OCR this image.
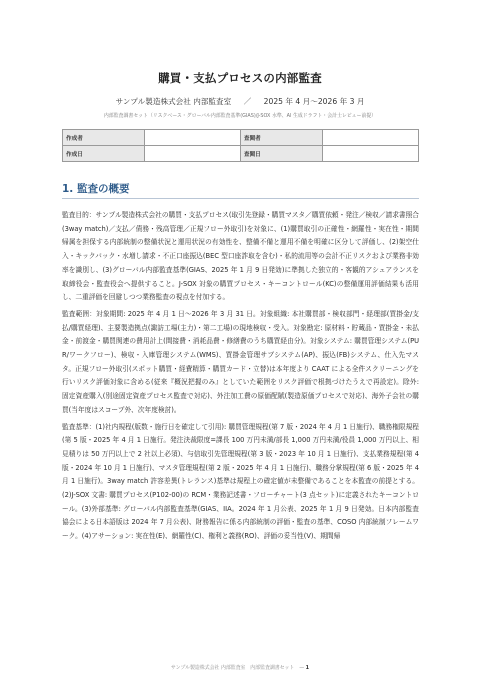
購買・支払プロセスの内部監査
サンプル製造株式会社 内部監査室 ／ 2025 年 4 月〜2026 年 3 月
内部監査調書セット（リスクベース・グローバル内部監査基準(GIAS)/J-SOX 水準、AI 生成ドラフト・会計士レビュー前提）
作成者		査閲者	
作成日		査閲日	
1. 監査の概要

監査目的：サンプル製造株式会社の購買・支払プロセス(取引先登録・購買マスタ／購買依頼・発注／検収／請求書照合(3way match)／支払／債務・残高管理／正規フロー外取引)を対象に、(1)購買取引の正確性・網羅性・実在性・期間帰属を担保する内部統制の整備状況と運用状況の有効性を、整備不備と運用不備を明確に区分して評価し、(2)架空仕入・キックバック・水増し請求・不正口座振込(BEC 型口座詐取を含む)・私的流用等の会計不正リスクおよび業務非効率を識別し、(3)グローバル内部監査基準(GIAS、2025 年 1 月 9 日発効)に準拠した独立的・客観的アシュアランスを取締役会・監査役会へ提供すること。J-SOX 対象の購買プロセス・キーコントロール(KC)の整備運用評価結果も活用し、二重評価を回避しつつ業務監査の視点を付加する。

監査範囲：対象期間: 2025 年 4 月 1 日〜2026 年 3 月 31 日。対象組織: 本社購買部・検収部門・経理部(買掛金/支払/購買経理)、主要製造拠点(諏訪工場(主力)・第二工場)の現地検収・受入。対象勘定: 原材料・貯蔵品・買掛金・未払金・前渡金・購買関連の費用計上(間接費・消耗品費・修繕費のうち購買経由分)。対象システム: 購買管理システム(PUR/ワークフロー)、検収・入庫管理システム(WMS)、買掛金管理サブシステム(AP)、振込(FB)システム、仕入先マスタ。正規フロー外取引(スポット購買・経費精算・購買カード・立替)は本年度より CAAT による全件スクリーニングを行いリスク評価対象に含める(従来『概況把握のみ』としていた範囲をリスク評価で根拠づけたうえで再設定)。除外: 固定資産購入(別途固定資産プロセス監査で対応)、外注加工費の原価配賦(製造原価プロセスで対応)、海外子会社の購買(当年度はスコープ外、次年度検討)。

監査基準：(1)社内規程(版数・施行日を確定して引用): 購買管理規程(第 7 版・2024 年 4 月 1 日施行)、職務権限規程(第 5 版・2025 年 4 月 1 日施行。発注決裁限度=課長 100 万円未満/部長 1,000 万円未満/役員 1,000 万円以上、相見積りは 50 万円以上で 2 社以上必須)、与信取引先管理規程(第 3 版・2023 年 10 月 1 日施行)、支払業務規程(第 4 版・2024 年 10 月 1 日施行)、マスタ管理規程(第 2 版・2025 年 4 月 1 日施行)、職務分掌規程(第 6 版・2025 年 4 月 1 日施行)。3way match 許容差異(トレランス)基準は規程上の確定値が未整備であることを本監査の前提とする。(2)J-SOX 文書: 購買プロセス(P102-00)の RCM・業務記述書・フローチャート(3 点セット)に定義されたキーコントロール。(3)外部基準: グローバル内部監査基準(GIAS、IIA。2024 年 1 月公表、2025 年 1 月 9 日発効。日本内部監査協会による日本語版は 2024 年 7 月公表)、財務報告に係る内部統制の評価・監査の基準、COSO 内部統制フレームワーク。(4)アサーション: 実在性(E)、網羅性(C)、権利と義務(RO)、評価の妥当性(V)、期間帰

サンプル製造株式会社 内部監査室　内部監査調書セット　— 1
